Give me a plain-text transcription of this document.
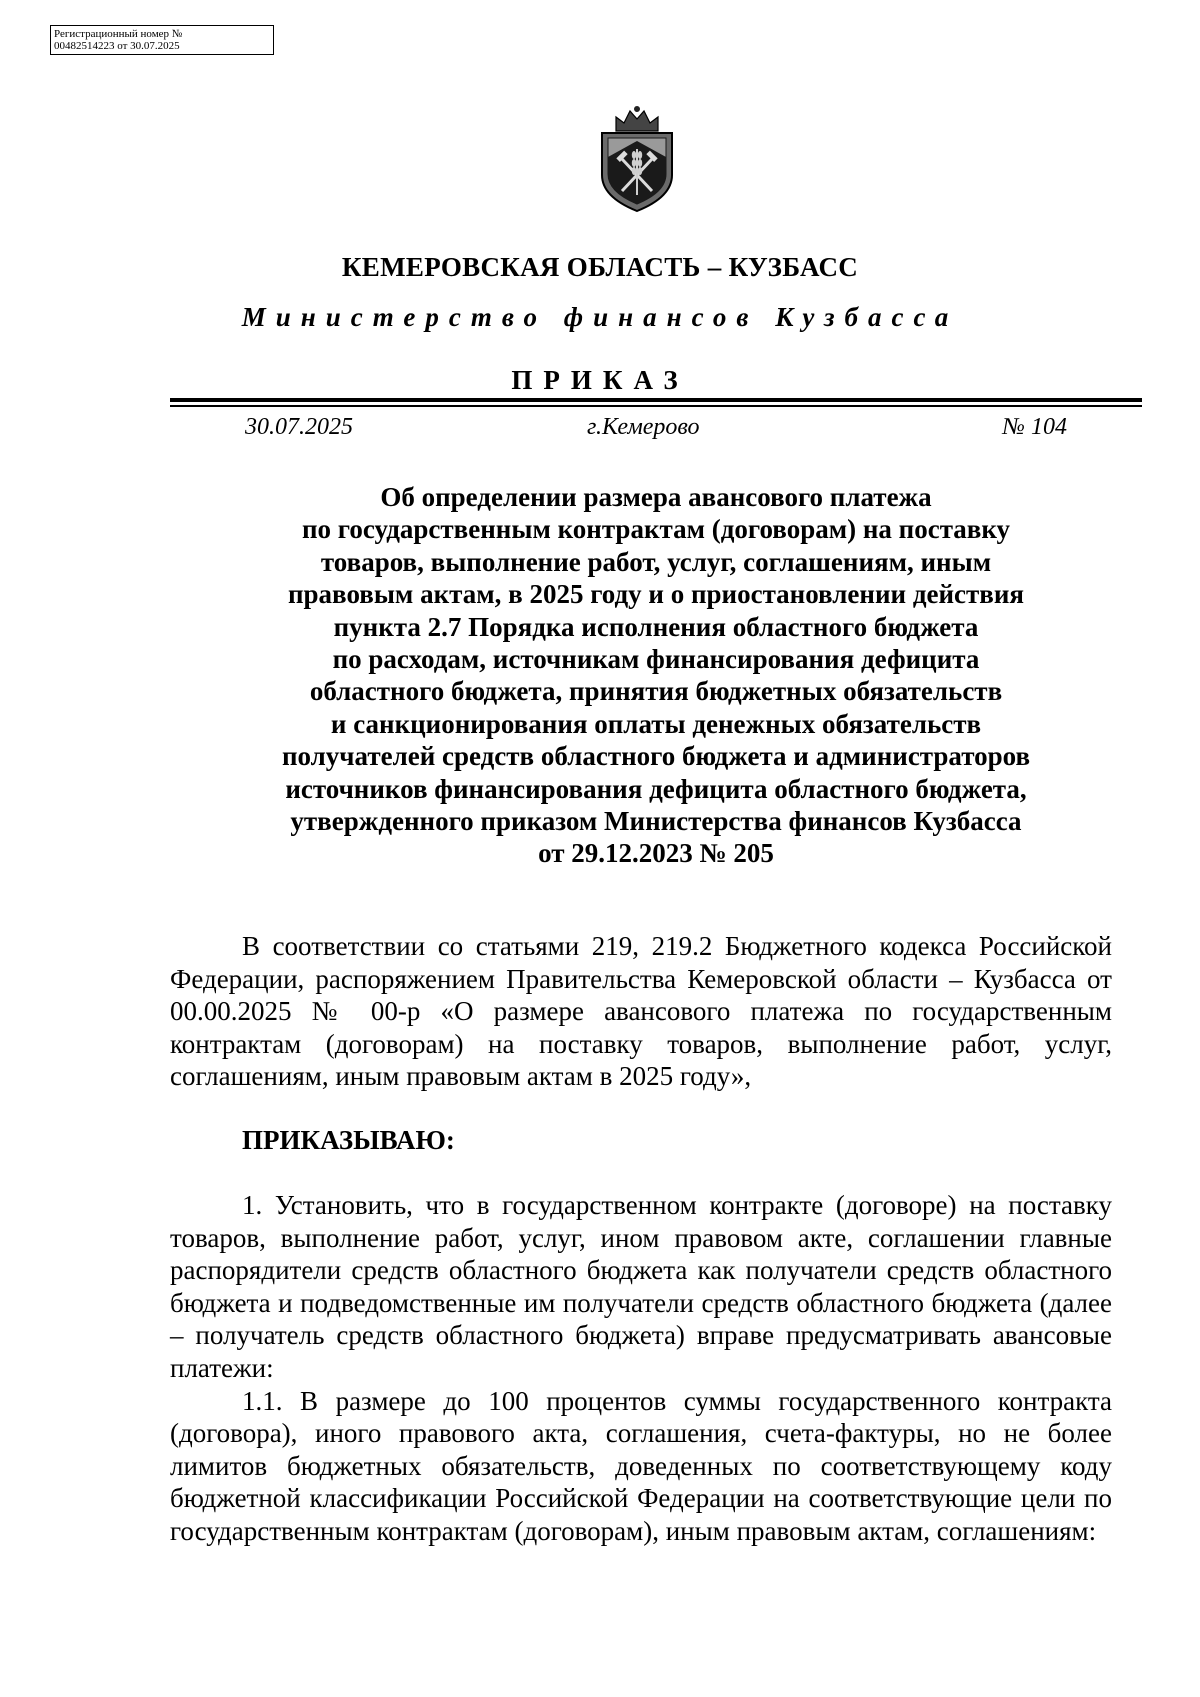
Регистрационный номер №
00482514223 от 30.07.2025
КЕМЕРОВСКАЯ ОБЛАСТЬ – КУЗБАСС
Министерство финансов Кузбасса
ПРИКАЗ
30.07.2025	г.Кемерово	№ 104
Об определении размера авансового платежа
по государственным контрактам (договорам) на поставку
товаров, выполнение работ, услуг, соглашениям, иным
правовым актам, в 2025 году и о приостановлении действия
пункта 2.7 Порядка исполнения областного бюджета
по расходам, источникам финансирования дефицита
областного бюджета, принятия бюджетных обязательств
и санкционирования оплаты денежных обязательств
получателей средств областного бюджета и администраторов
источников финансирования дефицита областного бюджета,
утвержденного приказом Министерства финансов Кузбасса
от 29.12.2023 № 205

В соответствии со статьями 219, 219.2 Бюджетного кодекса Российской Федерации, распоряжением Правительства Кемеровской области – Кузбасса от 00.00.2025 № 00-р «О размере авансового платежа по государственным контрактам (договорам) на поставку товаров, выполнение работ, услуг, соглашениям, иным правовым актам в 2025 году»,

ПРИКАЗЫВАЮ:

1. Установить, что в государственном контракте (договоре) на поставку товаров, выполнение работ, услуг, ином правовом акте, соглашении главные распорядители средств областного бюджета как получатели средств областного бюджета и подведомственные им получатели средств областного бюджета (далее – получатель средств областного бюджета) вправе предусматривать авансовые платежи:

1.1. В размере до 100 процентов суммы государственного контракта (договора), иного правового акта, соглашения, счета-фактуры, но не более лимитов бюджетных обязательств, доведенных по соответствующему коду бюджетной классификации Российской Федерации на соответствующие цели по государственным контрактам (договорам), иным правовым актам, соглашениям:
